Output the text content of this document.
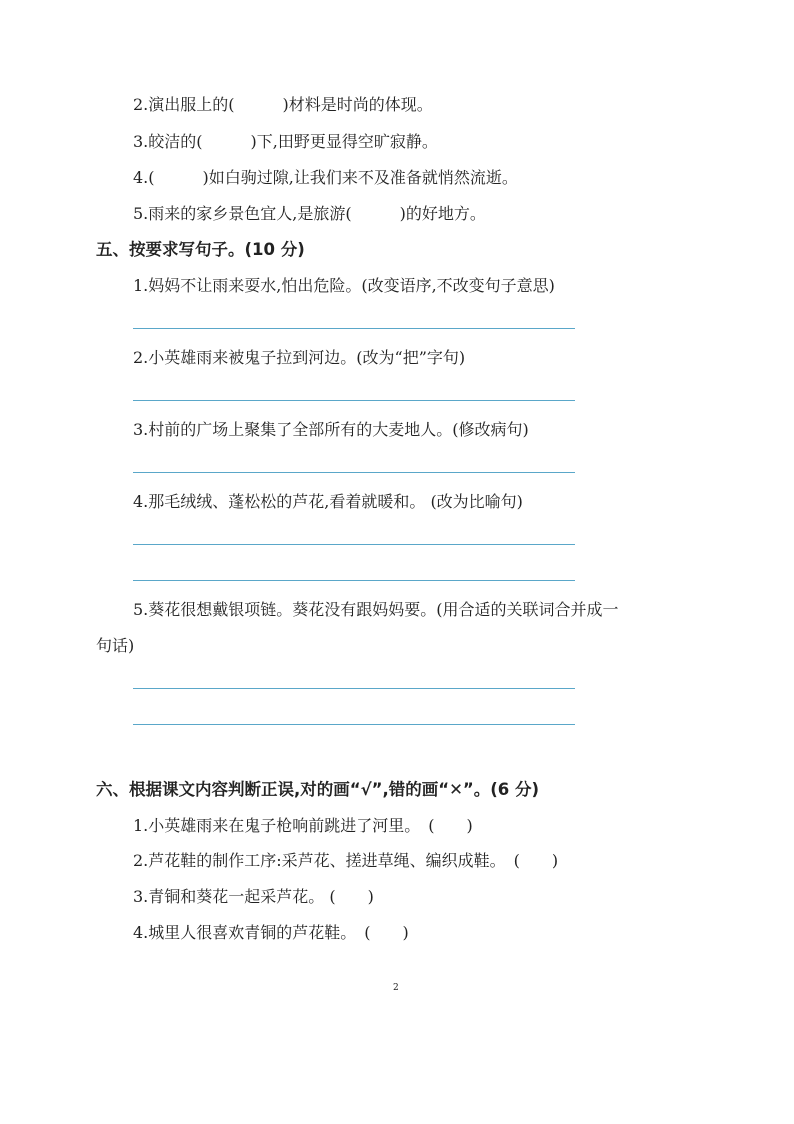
2.演出服上的(　　　)材料是时尚的体现。
3.皎洁的(　　　)下,田野更显得空旷寂静。
4.(　　　)如白驹过隙,让我们来不及准备就悄然流逝。
5.雨来的家乡景色宜人,是旅游(　　　)的好地方。
五、按要求写句子。(10 分)
1.妈妈不让雨来耍水,怕出危险。(改变语序,不改变句子意思)
2.小英雄雨来被鬼子拉到河边。(改为“把”字句)
3.村前的广场上聚集了全部所有的大麦地人。(修改病句)
4.那毛绒绒、蓬松松的芦花,看着就暖和。 (改为比喻句)
5.葵花很想戴银项链。葵花没有跟妈妈要。(用合适的关联词合并成一
句话)
六、根据课文内容判断正误,对的画“√”,错的画“✕”。(6 分)
1.小英雄雨来在鬼子枪响前跳进了河里。　(　　)
2.芦花鞋的制作工序:采芦花、搓进草绳、编织成鞋。　(　　)
3.青铜和葵花一起采芦花。 (　　)
4.城里人很喜欢青铜的芦花鞋。　(　　)
2
